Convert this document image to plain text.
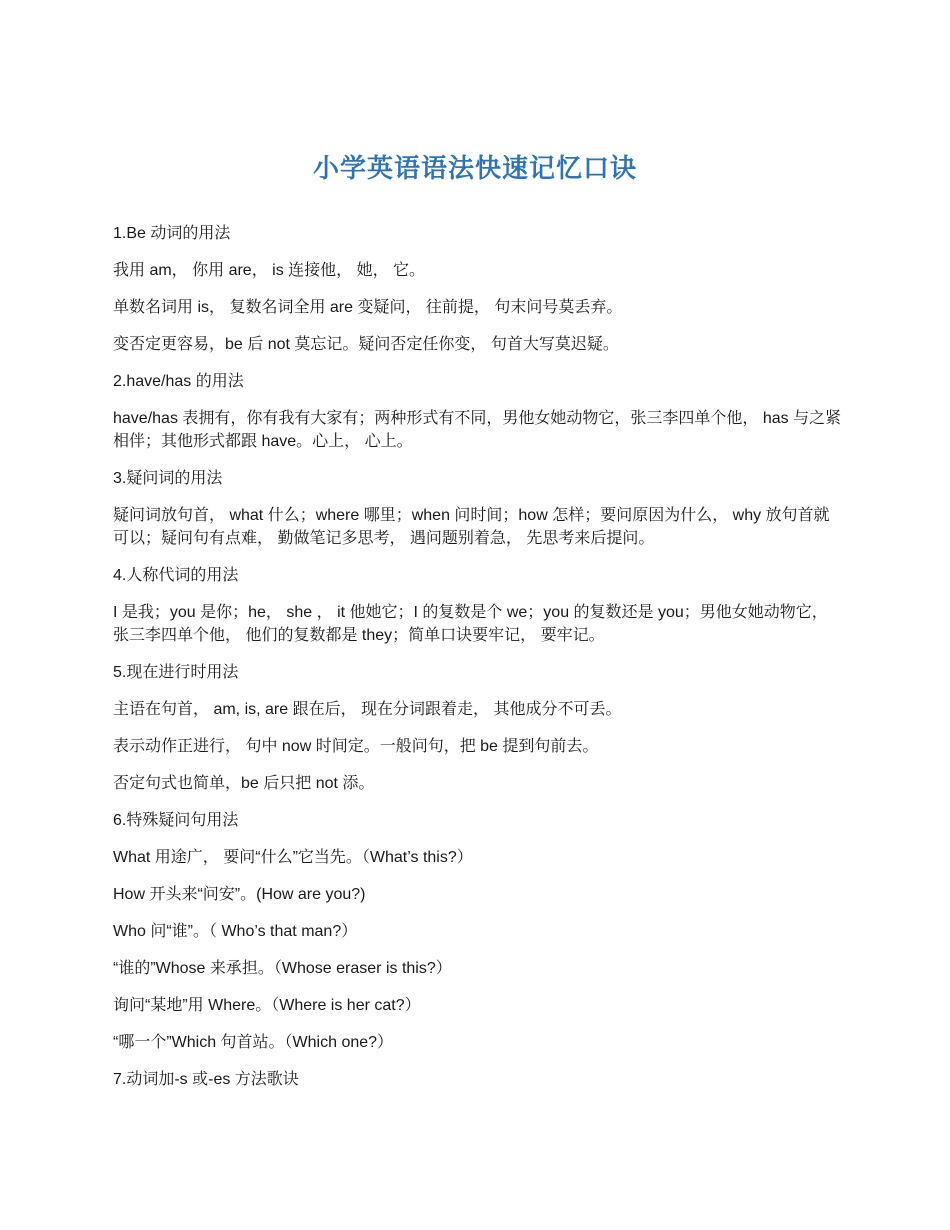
小学英语语法快速记忆口诀

1.Be 动词的用法

我用 am， 你用 are， is 连接他， 她， 它。

单数名词用 is， 复数名词全用 are 变疑问， 往前提， 句末问号莫丢弃。

变否定更容易，be 后 not 莫忘记。疑问否定任你变， 句首大写莫迟疑。

2.have/has 的用法

have/has 表拥有，你有我有大家有；两种形式有不同，男他女她动物它，张三李四单个他， has 与之紧相伴；其他形式都跟 have。心上， 心上。

3.疑问词的用法

疑问词放句首， what 什么；where 哪里；when 问时间；how 怎样；要问原因为什么， why 放句首就可以；疑问句有点难， 勤做笔记多思考， 遇问题别着急， 先思考来后提问。

4.人称代词的用法

I 是我；you 是你；he， she ， it 他她它；I 的复数是个 we；you 的复数还是 you；男他女她动物它， 张三李四单个他， 他们的复数都是 they；简单口诀要牢记， 要牢记。

5.现在进行时用法

主语在句首， am, is, are 跟在后， 现在分词跟着走， 其他成分不可丢。

表示动作正进行， 句中 now 时间定。一般问句，把 be 提到句前去。

否定句式也简单，be 后只把 not 添。

6.特殊疑问句用法

What 用途广， 要问“什么”它当先。（What’s this?）

How 开头来“问安”。(How are you?)

Who 问“谁”。（ Who’s that man?）

“谁的”Whose 来承担。（Whose eraser is this?）

询问“某地”用 Where。（Where is her cat?）

“哪一个”Which 句首站。（Which one?）

7.动词加-s 或-es 方法歌诀
